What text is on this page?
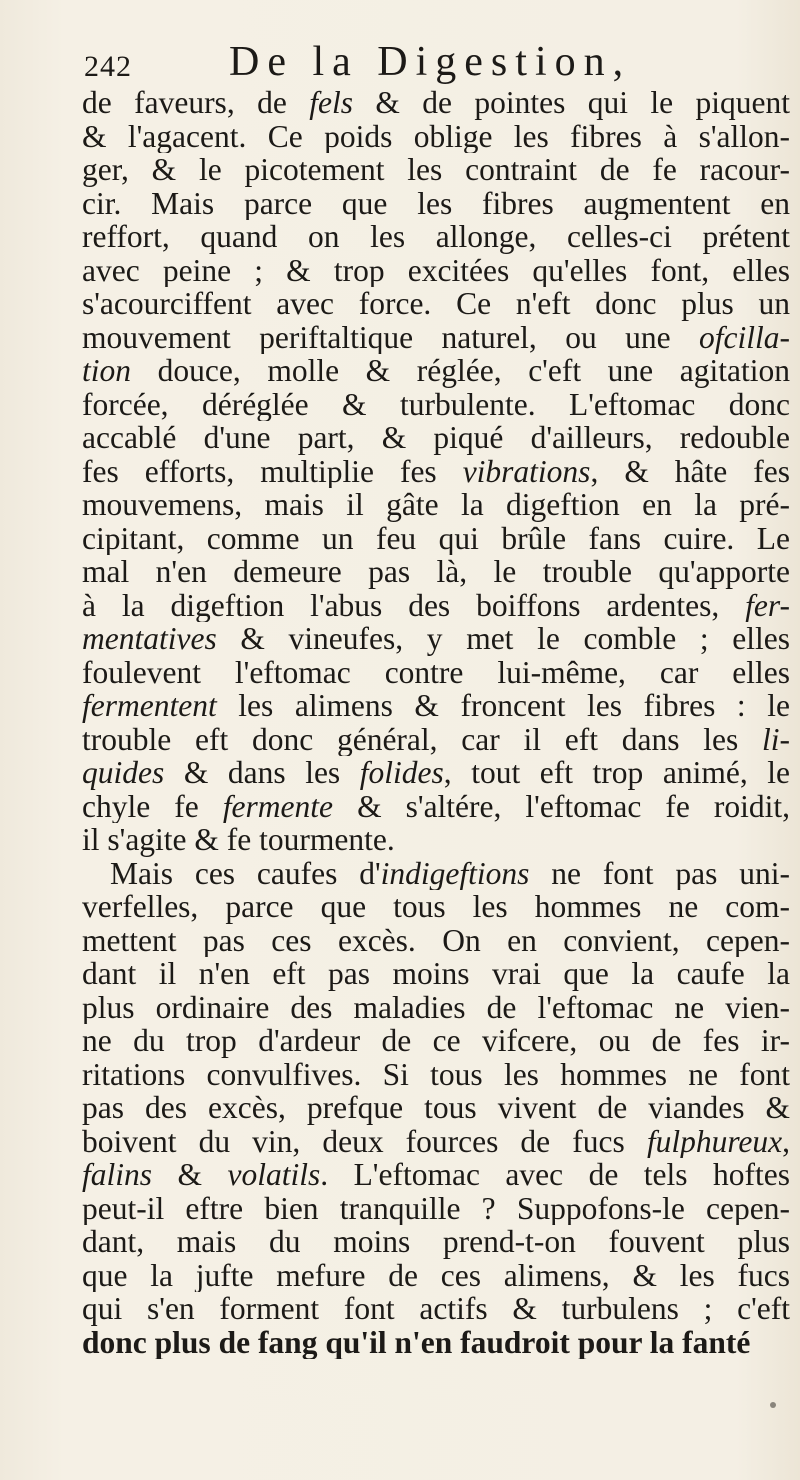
242 De la Digestion,
de faveurs, de fels & de pointes qui le piquent
& l'agacent. Ce poids oblige les fibres à s'allon-
ger, & le picotement les contraint de fe racour-
cir. Mais parce que les fibres augmentent en
reffort, quand on les allonge, celles-ci prétent
avec peine ; & trop excitées qu'elles font, elles
s'acourciffent avec force. Ce n'eft donc plus un
mouvement periftaltique naturel, ou une ofcilla-
tion douce, molle & réglée, c'eft une agitation
forcée, déréglée & turbulente. L'eftomac donc
accablé d'une part, & piqué d'ailleurs, redouble
fes efforts, multiplie fes vibrations, & hâte fes
mouvemens, mais il gâte la digeftion en la pré-
cipitant, comme un feu qui brûle fans cuire. Le
mal n'en demeure pas là, le trouble qu'apporte
à la digeftion l'abus des boiffons ardentes, fer-
mentatives & vineufes, y met le comble ; elles
foulevent l'eftomac contre lui-même, car elles
fermentent les alimens & froncent les fibres : le
trouble eft donc général, car il eft dans les li-
quides & dans les folides, tout eft trop animé, le
chyle fe fermente & s'altére, l'eftomac fe roidit,
il s'agite & fe tourmente.
Mais ces caufes d'indigeftions ne font pas uni-
verfelles, parce que tous les hommes ne com-
mettent pas ces excès. On en convient, cepen-
dant il n'en eft pas moins vrai que la caufe la
plus ordinaire des maladies de l'eftomac ne vien-
ne du trop d'ardeur de ce vifcere, ou de fes ir-
ritations convulfives. Si tous les hommes ne font
pas des excès, prefque tous vivent de viandes &
boivent du vin, deux fources de fucs fulphureux,
falins & volatils. L'eftomac avec de tels hoftes
peut-il eftre bien tranquille ? Suppofons-le cepen-
dant, mais du moins prend-t-on fouvent plus
que la jufte mefure de ces alimens, & les fucs
qui s'en forment font actifs & turbulens ; c'eft
donc plus de fang qu'il n'en faudroit pour la fanté
